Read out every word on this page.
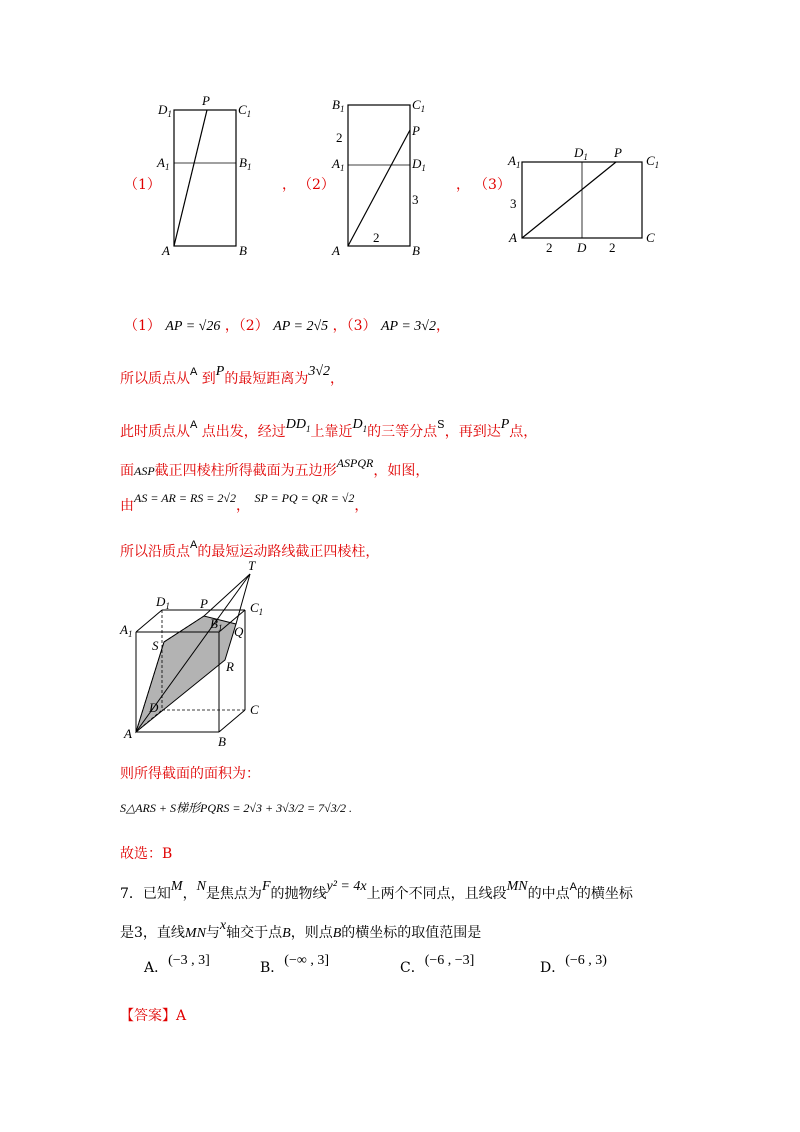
（1）
$D_1$
P
$C_1$
$A_1$	$B_1$
A	B
， （2）
$B_1$	$C_1$
P
2
$A_1$	$D_1$
3
A
2
B
， （3）
$A_1$
$D_1$ P
$C_1$
3
A
2 D 2
C
（1） AP = √26 ，（2） AP = 2√5 ，（3） AP = 3√2，
所以质点从$^A$ 到P的最短距离为3√2，
此时质点从$^A$ 点出发，经过$DD_1$上靠近$D_1$的三等分点$^S$，再到达P点，
面ASP截正四棱柱所得截面为五边形ASPQR，如图，
由AS = AR = RS = 2√2， SP = PQ = QR = √2，
所以沿质点$^A$的最短运动路线截正四棱柱，
T
$D_1$ P	$C_1$
$A_1$
$B_1$ Q
S
R
D	C
A
B
则所得截面的面积为：
S△ARS + S梯形PQRS = 2√3 + 3√3/2 = 7√3/2 .
故选：B
7．已知M，N是焦点为F的抛物线y² = 4x上两个不同点，且线段MN的中点$^A$的横坐标
是3，直线MN与x轴交于点B，则点B的横坐标的取值范围是
A．(−3 , 3]	B．(−∞ , 3]	C．(−6 , −3]	D．(−6 , 3)
【答案】A
